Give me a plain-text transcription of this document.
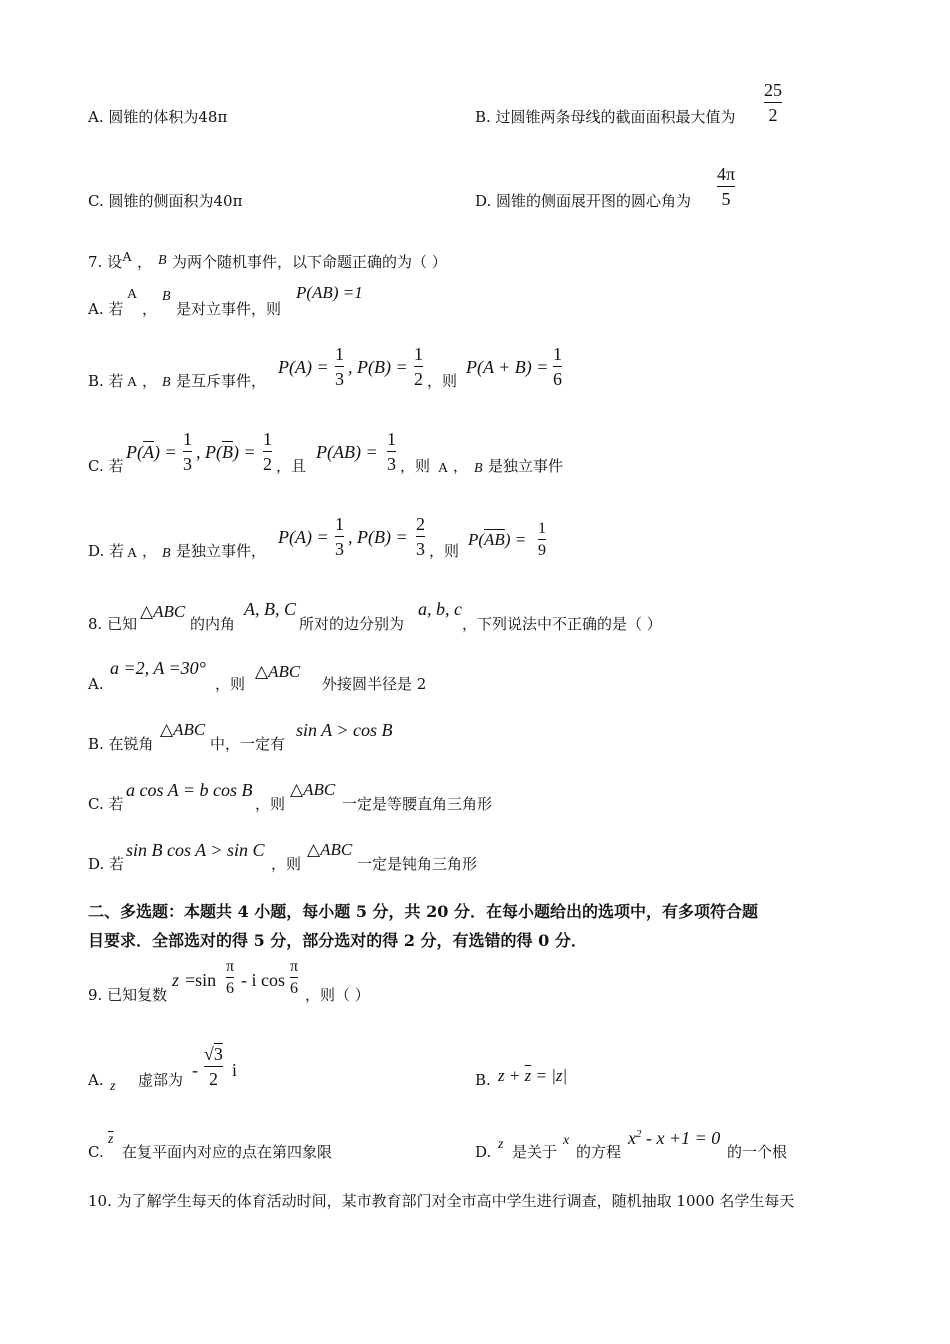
A. 圆锥的体积为48π	B. 过圆锥两条母线的截面面积最大值为
25
2
C. 圆锥的侧面积为40π	D. 圆锥的侧面展开图的圆心角为
4π
5
7. 设 A ， B 为两个随机事件，以下命题正确的为（ ）
A. 若
A
，
B
是对立事件，则
P(AB) =1
B. 若 A ， B 是互斥事件，
P(A) =
1
3
, P(B) =
1
2 ，则
P(A + B) =
1
6
C. 若
$P(\overline{A})$ =
1
3
, $P(\overline{B})$ =
1
2 ，且
P(AB) =
1
3 ，则 A ， B 是独立事件
D. 若 A ， B 是独立事件，
P(A) =
1
3
, P(B) =
2
3 ，则
$P(\overline{AB})$ =
1
9
8. 已知
△ABC
的内角
A, B, C
所对的边分别为
a, b, c
，下列说法中不正确的是（ ）
A.
a =2, A =30°
，则
△ABC
外接圆半径是 2
B. 在锐角
△ABC
中，一定有
sin A > cos B
C. 若
a cos A = b cos B
，则
△ABC
一定是等腰直角三角形
D. 若
sin B cos A > sin C
，则
△ABC
一定是钝角三角形
二、多选题：本题共 4 小题，每小题 5 分，共 20 分．在每小题给出的选项中，有多项符合题
目要求．全部选对的得 5 分，部分选对的得 2 分，有选错的得 0 分．
9. 已知复数
z =sin
π
6 - i cos
π
6 ，则（ ）
A. z 虚部为 -
√3
2 i	B. $z + \overline{z} = |z|$
C.
$\overline{z}$
在复平面内对应的点在第四象限	D. z 是关于
x
的方程
$x^2 - x +1 = 0$
的一个根
10. 为了解学生每天的体育活动时间，某市教育部门对全市高中学生进行调查，随机抽取 1000 名学生每天
